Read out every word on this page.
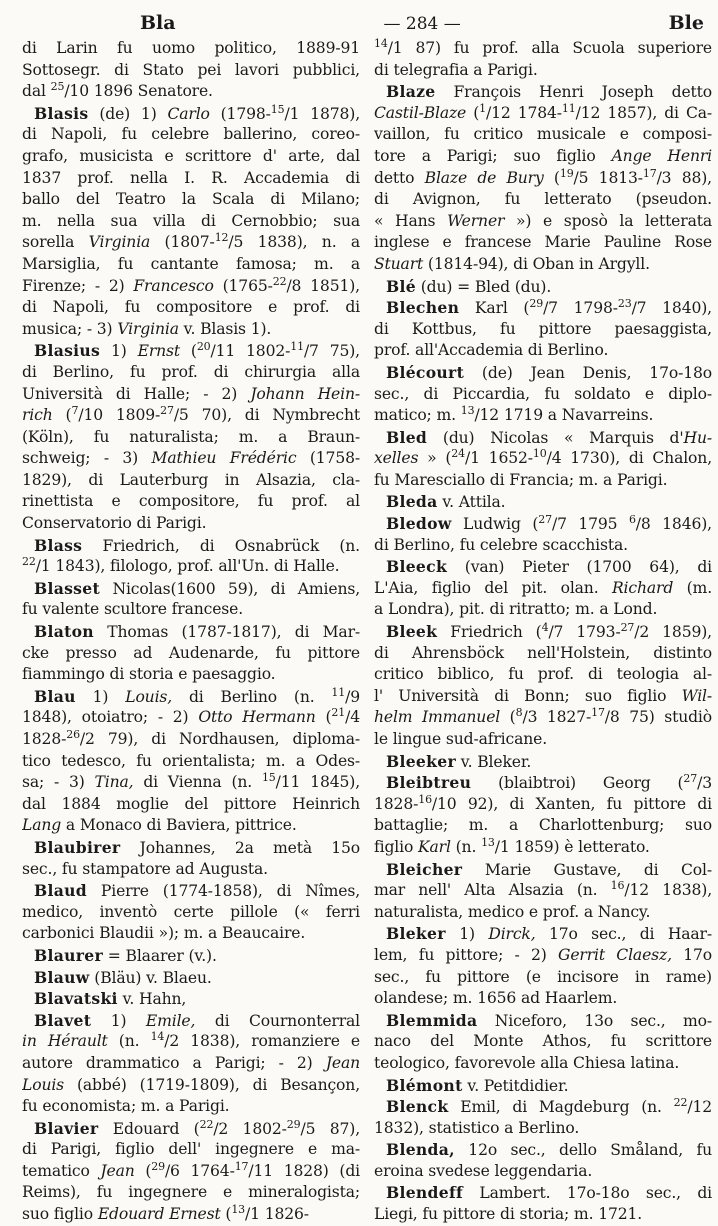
Bla	— 284 —	Ble
di Larin fu uomo politico, 1889-91
Sottosegr. di Stato pei lavori pubblici,
dal $^{25}$/10 1896 Senatore.
Blasis (de) 1) Carlo (1798-$^{15}$/1 1878),
di Napoli, fu celebre ballerino, coreo-
grafo, musicista e scrittore d' arte, dal
1837 prof. nella I. R. Accademia di
ballo del Teatro la Scala di Milano;
m. nella sua villa di Cernobbio; sua
sorella Virginia (1807-$^{12}$/5 1838), n. a
Marsiglia, fu cantante famosa; m. a
Firenze; - 2) Francesco (1765-$^{22}$/8 1851),
di Napoli, fu compositore e prof. di
musica; - 3) Virginia v. Blasis 1).
Blasius 1) Ernst ($^{20}$/11 1802-$^{11}$/7 75),
di Berlino, fu prof. di chirurgia alla
Università di Halle; - 2) Johann Hein-
rich ($^7$/10 1809-$^{27}$/5 70), di Nymbrecht
(Köln), fu naturalista; m. a Braun-
schweig; - 3) Mathieu Frédéric (1758-
1829), di Lauterburg in Alsazia, cla-
rinettista e compositore, fu prof. al
Conservatorio di Parigi.
Blass Friedrich, di Osnabrück (n.
$^{22}$/1 1843), filologo, prof. all'Un. di Halle.
Blasset Nicolas(1600 59), di Amiens,
fu valente scultore francese.
Blaton Thomas (1787-1817), di Mar-
cke presso ad Audenarde, fu pittore
fiammingo di storia e paesaggio.
Blau 1) Louis, di Berlino (n. $^{11}$/9
1848), otoiatro; - 2) Otto Hermann ($^{21}$/4
1828-$^{26}$/2 79), di Nordhausen, diploma-
tico tedesco, fu orientalista; m. a Odes-
sa; - 3) Tina, di Vienna (n. $^{15}$/11 1845),
dal 1884 moglie del pittore Heinrich
Lang a Monaco di Baviera, pittrice.
Blaubirer Johannes, 2a metà 15o
sec., fu stampatore ad Augusta.
Blaud Pierre (1774-1858), di Nîmes,
medico, inventò certe pillole (« ferri
carbonici Blaudii »); m. a Beaucaire.
Blaurer = Blaarer (v.).
Blauw (Bläu) v. Blaeu.
Blavatski v. Hahn,
Blavet 1) Emile, di Cournonterral
in Hérault (n. $^{14}$/2 1838), romanziere e
autore drammatico a Parigi; - 2) Jean
Louis (abbé) (1719-1809), di Besançon,
fu economista; m. a Parigi.
Blavier Edouard ($^{22}$/2 1802-$^{29}$/5 87),
di Parigi, figlio dell' ingegnere e ma-
tematico Jean ($^{29}$/6 1764-$^{17}$/11 1828) (di
Reims), fu ingegnere e mineralogista;
suo figlio Edouard Ernest ($^{13}$/1 1826-
$^{14}$/1 87) fu prof. alla Scuola superiore
di telegrafia a Parigi.
Blaze François Henri Joseph detto
Castil-Blaze ($^1$/12 1784-$^{11}$/12 1857), di Ca-
vaillon, fu critico musicale e composi-
tore a Parigi; suo figlio Ange Henri
detto Blaze de Bury ($^{19}$/5 1813-$^{17}$/3 88),
di Avignon, fu letterato (pseudon.
« Hans Werner ») e sposò la letterata
inglese e francese Marie Pauline Rose
Stuart (1814-94), di Oban in Argyll.
Blé (du) = Bled (du).
Blechen Karl ($^{29}$/7 1798-$^{23}$/7 1840),
di Kottbus, fu pittore paesaggista,
prof. all'Accademia di Berlino.
Blécourt (de) Jean Denis, 17o-18o
sec., di Piccardia, fu soldato e diplo-
matico; m. $^{13}$/12 1719 a Navarreins.
Bled (du) Nicolas « Marquis d'Hu-
xelles » ($^{24}$/1 1652-$^{10}$/4 1730), di Chalon,
fu Maresciallo di Francia; m. a Parigi.
Bleda v. Attila.
Bledow Ludwig ($^{27}$/7 1795 $^6$/8 1846),
di Berlino, fu celebre scacchista.
Bleeck (van) Pieter (1700 64), di
L'Aia, figlio del pit. olan. Richard (m.
a Londra), pit. di ritratto; m. a Lond.
Bleek Friedrich ($^4$/7 1793-$^{27}$/2 1859),
di Ahrensböck nell'Holstein, distinto
critico biblico, fu prof. di teologia al-
l' Università di Bonn; suo figlio Wil-
helm Immanuel ($^8$/3 1827-$^{17}$/8 75) studiò
le lingue sud-africane.
Bleeker v. Bleker.
Bleibtreu (blaibtroi) Georg ($^{27}$/3
1828-$^{16}$/10 92), di Xanten, fu pittore di
battaglie; m. a Charlottenburg; suo
figlio Karl (n. $^{13}$/1 1859) è letterato.
Bleicher Marie Gustave, di Col-
mar nell' Alta Alsazia (n. $^{16}$/12 1838),
naturalista, medico e prof. a Nancy.
Bleker 1) Dirck, 17o sec., di Haar-
lem, fu pittore; - 2) Gerrit Claesz, 17o
sec., fu pittore (e incisore in rame)
olandese; m. 1656 ad Haarlem.
Blemmida Niceforo, 13o sec., mo-
naco del Monte Athos, fu scrittore
teologico, favorevole alla Chiesa latina.
Blémont v. Petitdidier.
Blenck Emil, di Magdeburg (n. $^{22}$/12
1832), statistico a Berlino.
Blenda, 12o sec., dello Småland, fu
eroina svedese leggendaria.
Blendeff Lambert. 17o-18o sec., di
Liegi, fu pittore di storia; m. 1721.
